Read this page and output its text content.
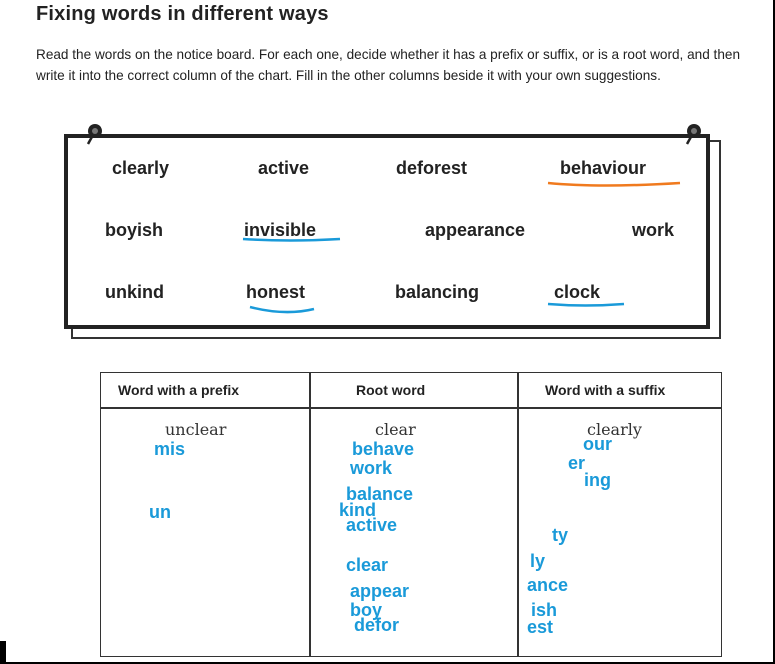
Fixing words in different ways
Read the words on the notice board. For each one, decide whether it has a prefix or suffix, or is a root word, and then write it into the correct column of the chart. Fill in the other columns beside it with your own suggestions.
clearly	active	deforest	behaviour
boyish	invisible	appearance	work
unkind	honest	balancing	clock
Word with a prefix	Root word	Word with a suffix
unclear	clear	clearly
mis
un
behave
work
balance
kind
active
clear
appear
boy
defor
our
er
ing
ty
ly
ance
ish
est
